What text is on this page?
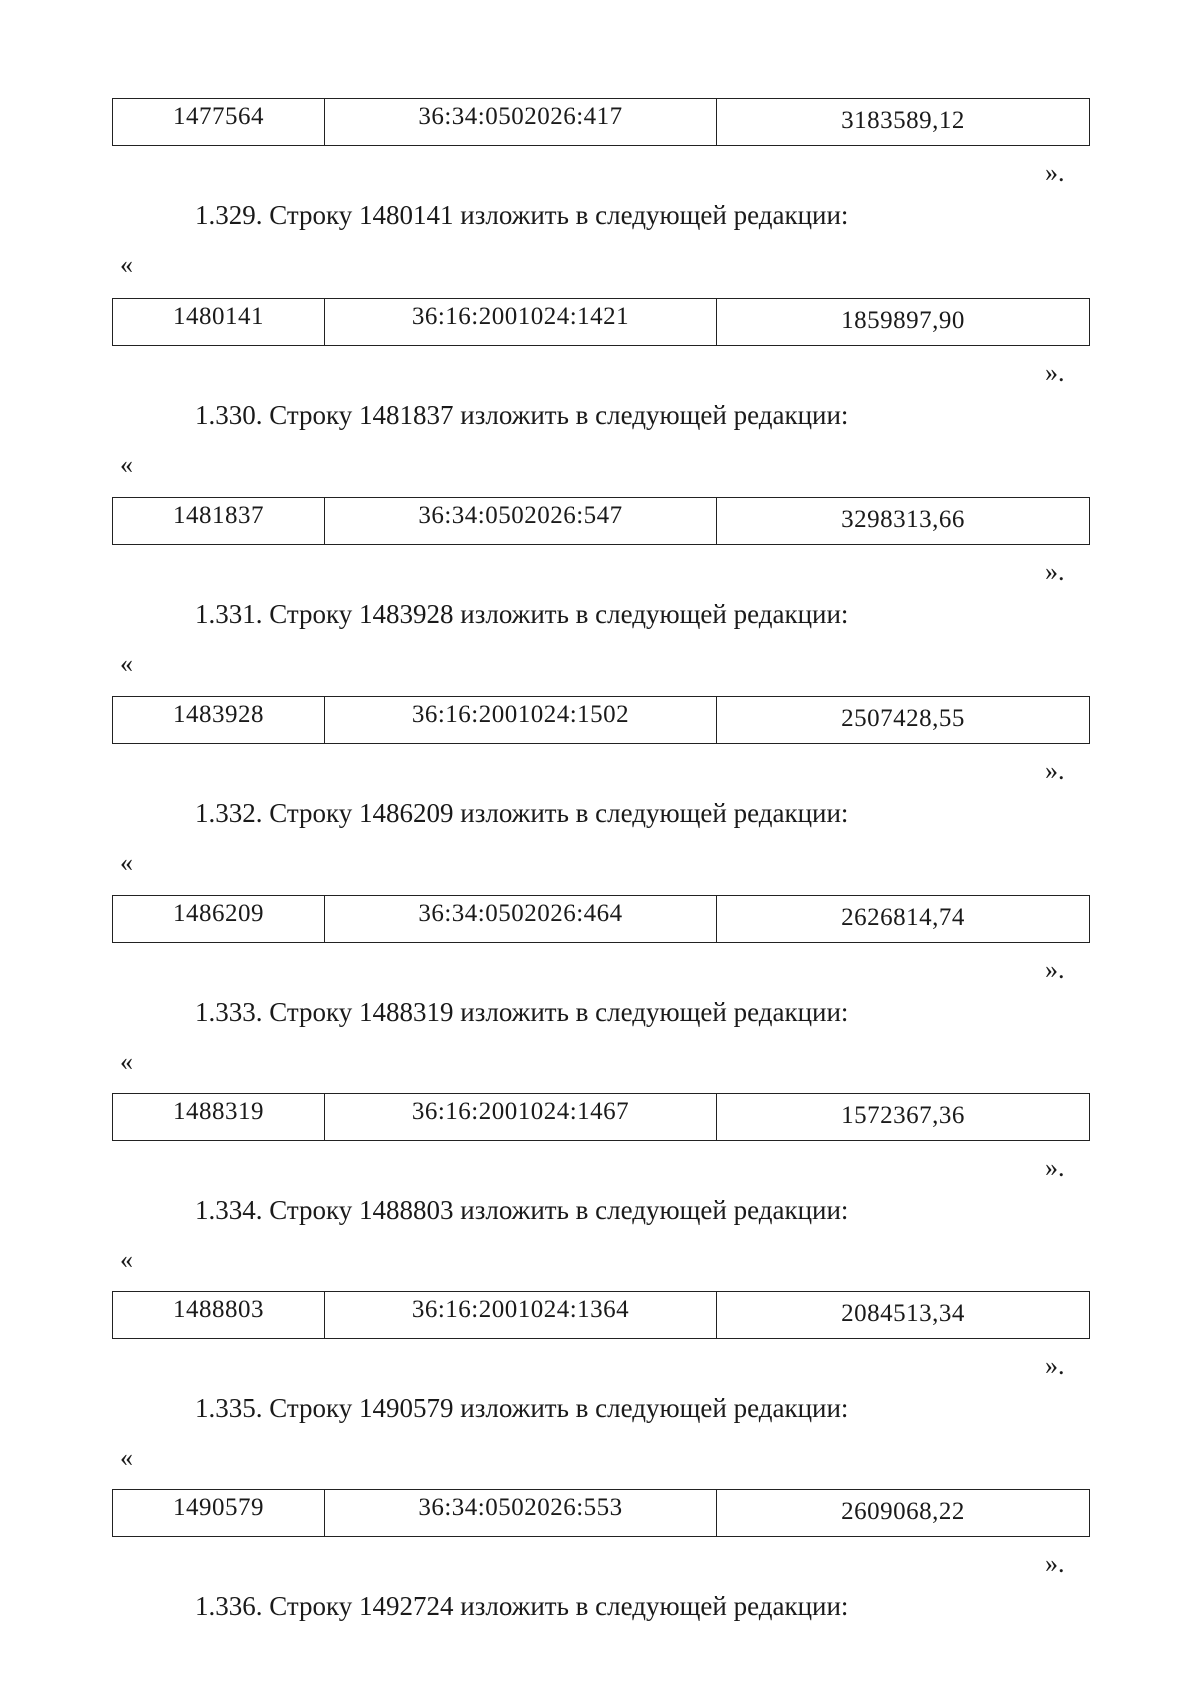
1477564	36:34:0502026:417	3183589,12
».
1.329. Строку 1480141 изложить в следующей редакции:
«
1480141	36:16:2001024:1421	1859897,90
».
1.330. Строку 1481837 изложить в следующей редакции:
«
1481837	36:34:0502026:547	3298313,66
».
1.331. Строку 1483928 изложить в следующей редакции:
«
1483928	36:16:2001024:1502	2507428,55
».
1.332. Строку 1486209 изложить в следующей редакции:
«
1486209	36:34:0502026:464	2626814,74
».
1.333. Строку 1488319 изложить в следующей редакции:
«
1488319	36:16:2001024:1467	1572367,36
».
1.334. Строку 1488803 изложить в следующей редакции:
«
1488803	36:16:2001024:1364	2084513,34
».
1.335. Строку 1490579 изложить в следующей редакции:
«
1490579	36:34:0502026:553	2609068,22
».
1.336. Строку 1492724 изложить в следующей редакции:
